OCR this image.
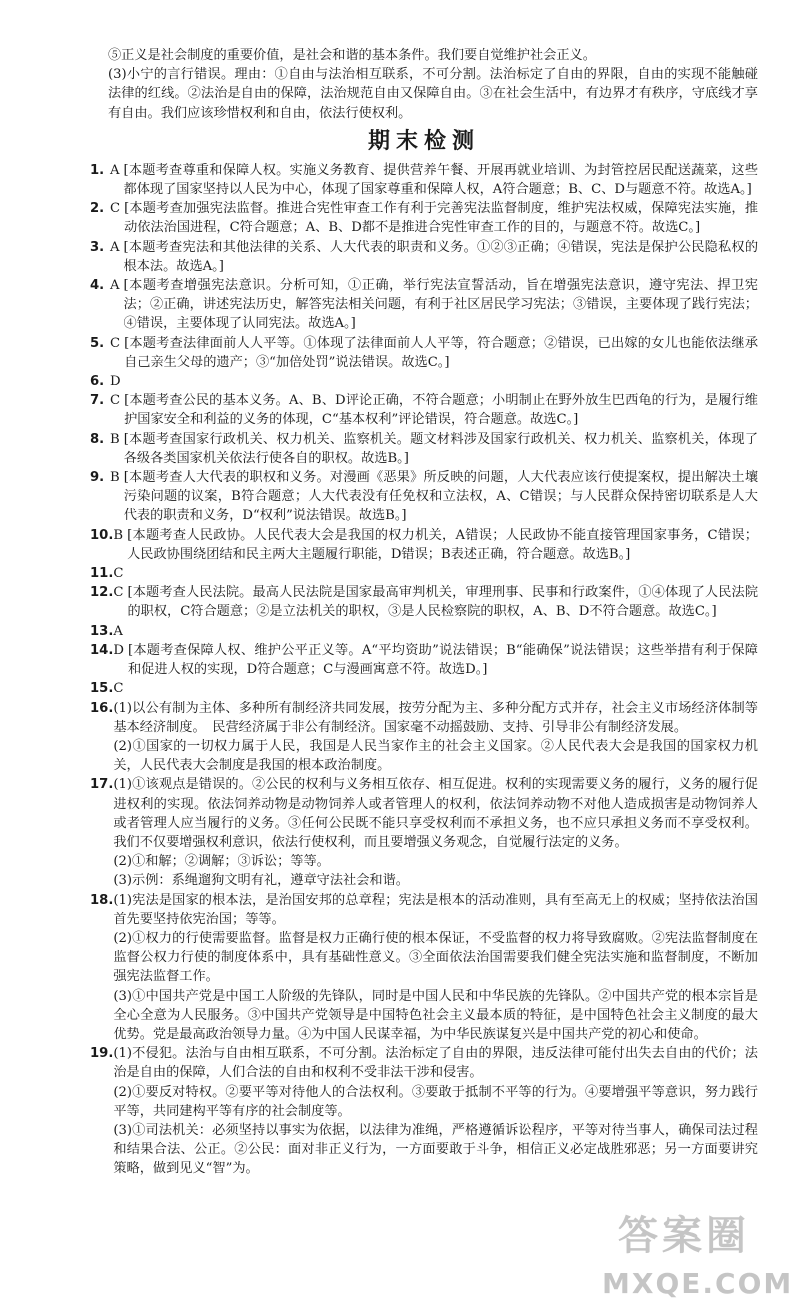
⑤正义是社会制度的重要价值，是社会和谐的基本条件。我们要自觉维护社会正义。

(3)小宁的言行错误。理由：①自由与法治相互联系，不可分割。法治标定了自由的界限，自由的实现不能触碰法律的红线。②法治是自由的保障，法治规范自由又保障自由。③在社会生活中，有边界才有秩序，守底线才享有自由。我们应该珍惜权利和自由，依法行使权利。

期末检测
1. A [本题考查尊重和保障人权。实施义务教育、提供营养午餐、开展再就业培训、为封管控居民配送蔬菜，这些都体现了国家坚持以人民为中心，体现了国家尊重和保障人权，A符合题意；B、C、D与题意不符。故选A。]
2. C [本题考查加强宪法监督。推进合宪性审查工作有利于完善宪法监督制度，维护宪法权威，保障宪法实施，推动依法治国进程，C符合题意；A、B、D都不是推进合宪性审查工作的目的，与题意不符。故选C。]
3. A [本题考查宪法和其他法律的关系、人大代表的职责和义务。①②③正确；④错误，宪法是保护公民隐私权的根本法。故选A。]
4. A [本题考查增强宪法意识。分析可知，①正确，举行宪法宣誓活动，旨在增强宪法意识，遵守宪法、捍卫宪法；②正确，讲述宪法历史，解答宪法相关问题，有利于社区居民学习宪法；③错误，主要体现了践行宪法；④错误，主要体现了认同宪法。故选A。]
5. C [本题考查法律面前人人平等。①体现了法律面前人人平等，符合题意；②错误，已出嫁的女儿也能依法继承自己亲生父母的遗产；③“加倍处罚”说法错误。故选C。]
6. D
7. C [本题考查公民的基本义务。A、B、D评论正确，不符合题意；小明制止在野外放生巴西龟的行为，是履行维护国家安全和利益的义务的体现，C“基本权利”评论错误，符合题意。故选C。]
8. B [本题考查国家行政机关、权力机关、监察机关。题文材料涉及国家行政机关、权力机关、监察机关，体现了各级各类国家机关依法行使各自的职权。故选B。]
9. B [本题考查人大代表的职权和义务。对漫画《恶果》所反映的问题，人大代表应该行使提案权，提出解决土壤污染问题的议案，B符合题意；人大代表没有任免权和立法权，A、C错误；与人民群众保持密切联系是人大代表的职责和义务，D“权利”说法错误。故选B。]
10. B [本题考查人民政协。人民代表大会是我国的权力机关，A错误；人民政协不能直接管理国家事务，C错误；人民政协围绕团结和民主两大主题履行职能，D错误；B表述正确，符合题意。故选B。]
11. C
12. C [本题考查人民法院。最高人民法院是国家最高审判机关，审理刑事、民事和行政案件，①④体现了人民法院的职权，C符合题意；②是立法机关的职权，③是人民检察院的职权，A、B、D不符合题意。故选C。]
13. A
14. D [本题考查保障人权、维护公平正义等。A“平均资助”说法错误；B“能确保”说法错误；这些举措有利于保障和促进人权的实现，D符合题意；C与漫画寓意不符。故选D。]
15. C
16. (1)以公有制为主体、多种所有制经济共同发展，按劳分配为主、多种分配方式并存，社会主义市场经济体制等基本经济制度。　民营经济属于非公有制经济。国家毫不动摇鼓励、支持、引导非公有制经济发展。
(2)①国家的一切权力属于人民，我国是人民当家作主的社会主义国家。②人民代表大会是我国的国家权力机关，人民代表大会制度是我国的根本政治制度。
17. (1)①该观点是错误的。②公民的权利与义务相互依存、相互促进。权利的实现需要义务的履行，义务的履行促进权利的实现。依法饲养动物是动物饲养人或者管理人的权利，依法饲养动物不对他人造成损害是动物饲养人或者管理人应当履行的义务。③任何公民既不能只享受权利而不承担义务，也不应只承担义务而不享受权利。我们不仅要增强权利意识，依法行使权利，而且要增强义务观念，自觉履行法定的义务。
(2)①和解；②调解；③诉讼；等等。
(3)示例：系绳遛狗文明有礼，遵章守法社会和谐。
18. (1)宪法是国家的根本法，是治国安邦的总章程；宪法是根本的活动准则，具有至高无上的权威；坚持依法治国首先要坚持依宪治国；等等。
(2)①权力的行使需要监督。监督是权力正确行使的根本保证，不受监督的权力将导致腐败。②宪法监督制度在监督公权力行使的制度体系中，具有基础性意义。③全面依法治国需要我们健全宪法实施和监督制度，不断加强宪法监督工作。
(3)①中国共产党是中国工人阶级的先锋队，同时是中国人民和中华民族的先锋队。②中国共产党的根本宗旨是全心全意为人民服务。③中国共产党领导是中国特色社会主义最本质的特征，是中国特色社会主义制度的最大优势。党是最高政治领导力量。④为中国人民谋幸福，为中华民族谋复兴是中国共产党的初心和使命。
19. (1)不侵犯。法治与自由相互联系，不可分割。法治标定了自由的界限，违反法律可能付出失去自由的代价；法治是自由的保障，人们合法的自由和权利不受非法干涉和侵害。
(2)①要反对特权。②要平等对待他人的合法权利。③要敢于抵制不平等的行为。④要增强平等意识，努力践行平等，共同建构平等有序的社会制度等。
(3)①司法机关：必须坚持以事实为依据，以法律为准绳，严格遵循诉讼程序，平等对待当事人，确保司法过程和结果合法、公正。②公民：面对非正义行为，一方面要敢于斗争，相信正义必定战胜邪恶；另一方面要讲究策略，做到见义“智”为。
答案圈
MXQE.COM
